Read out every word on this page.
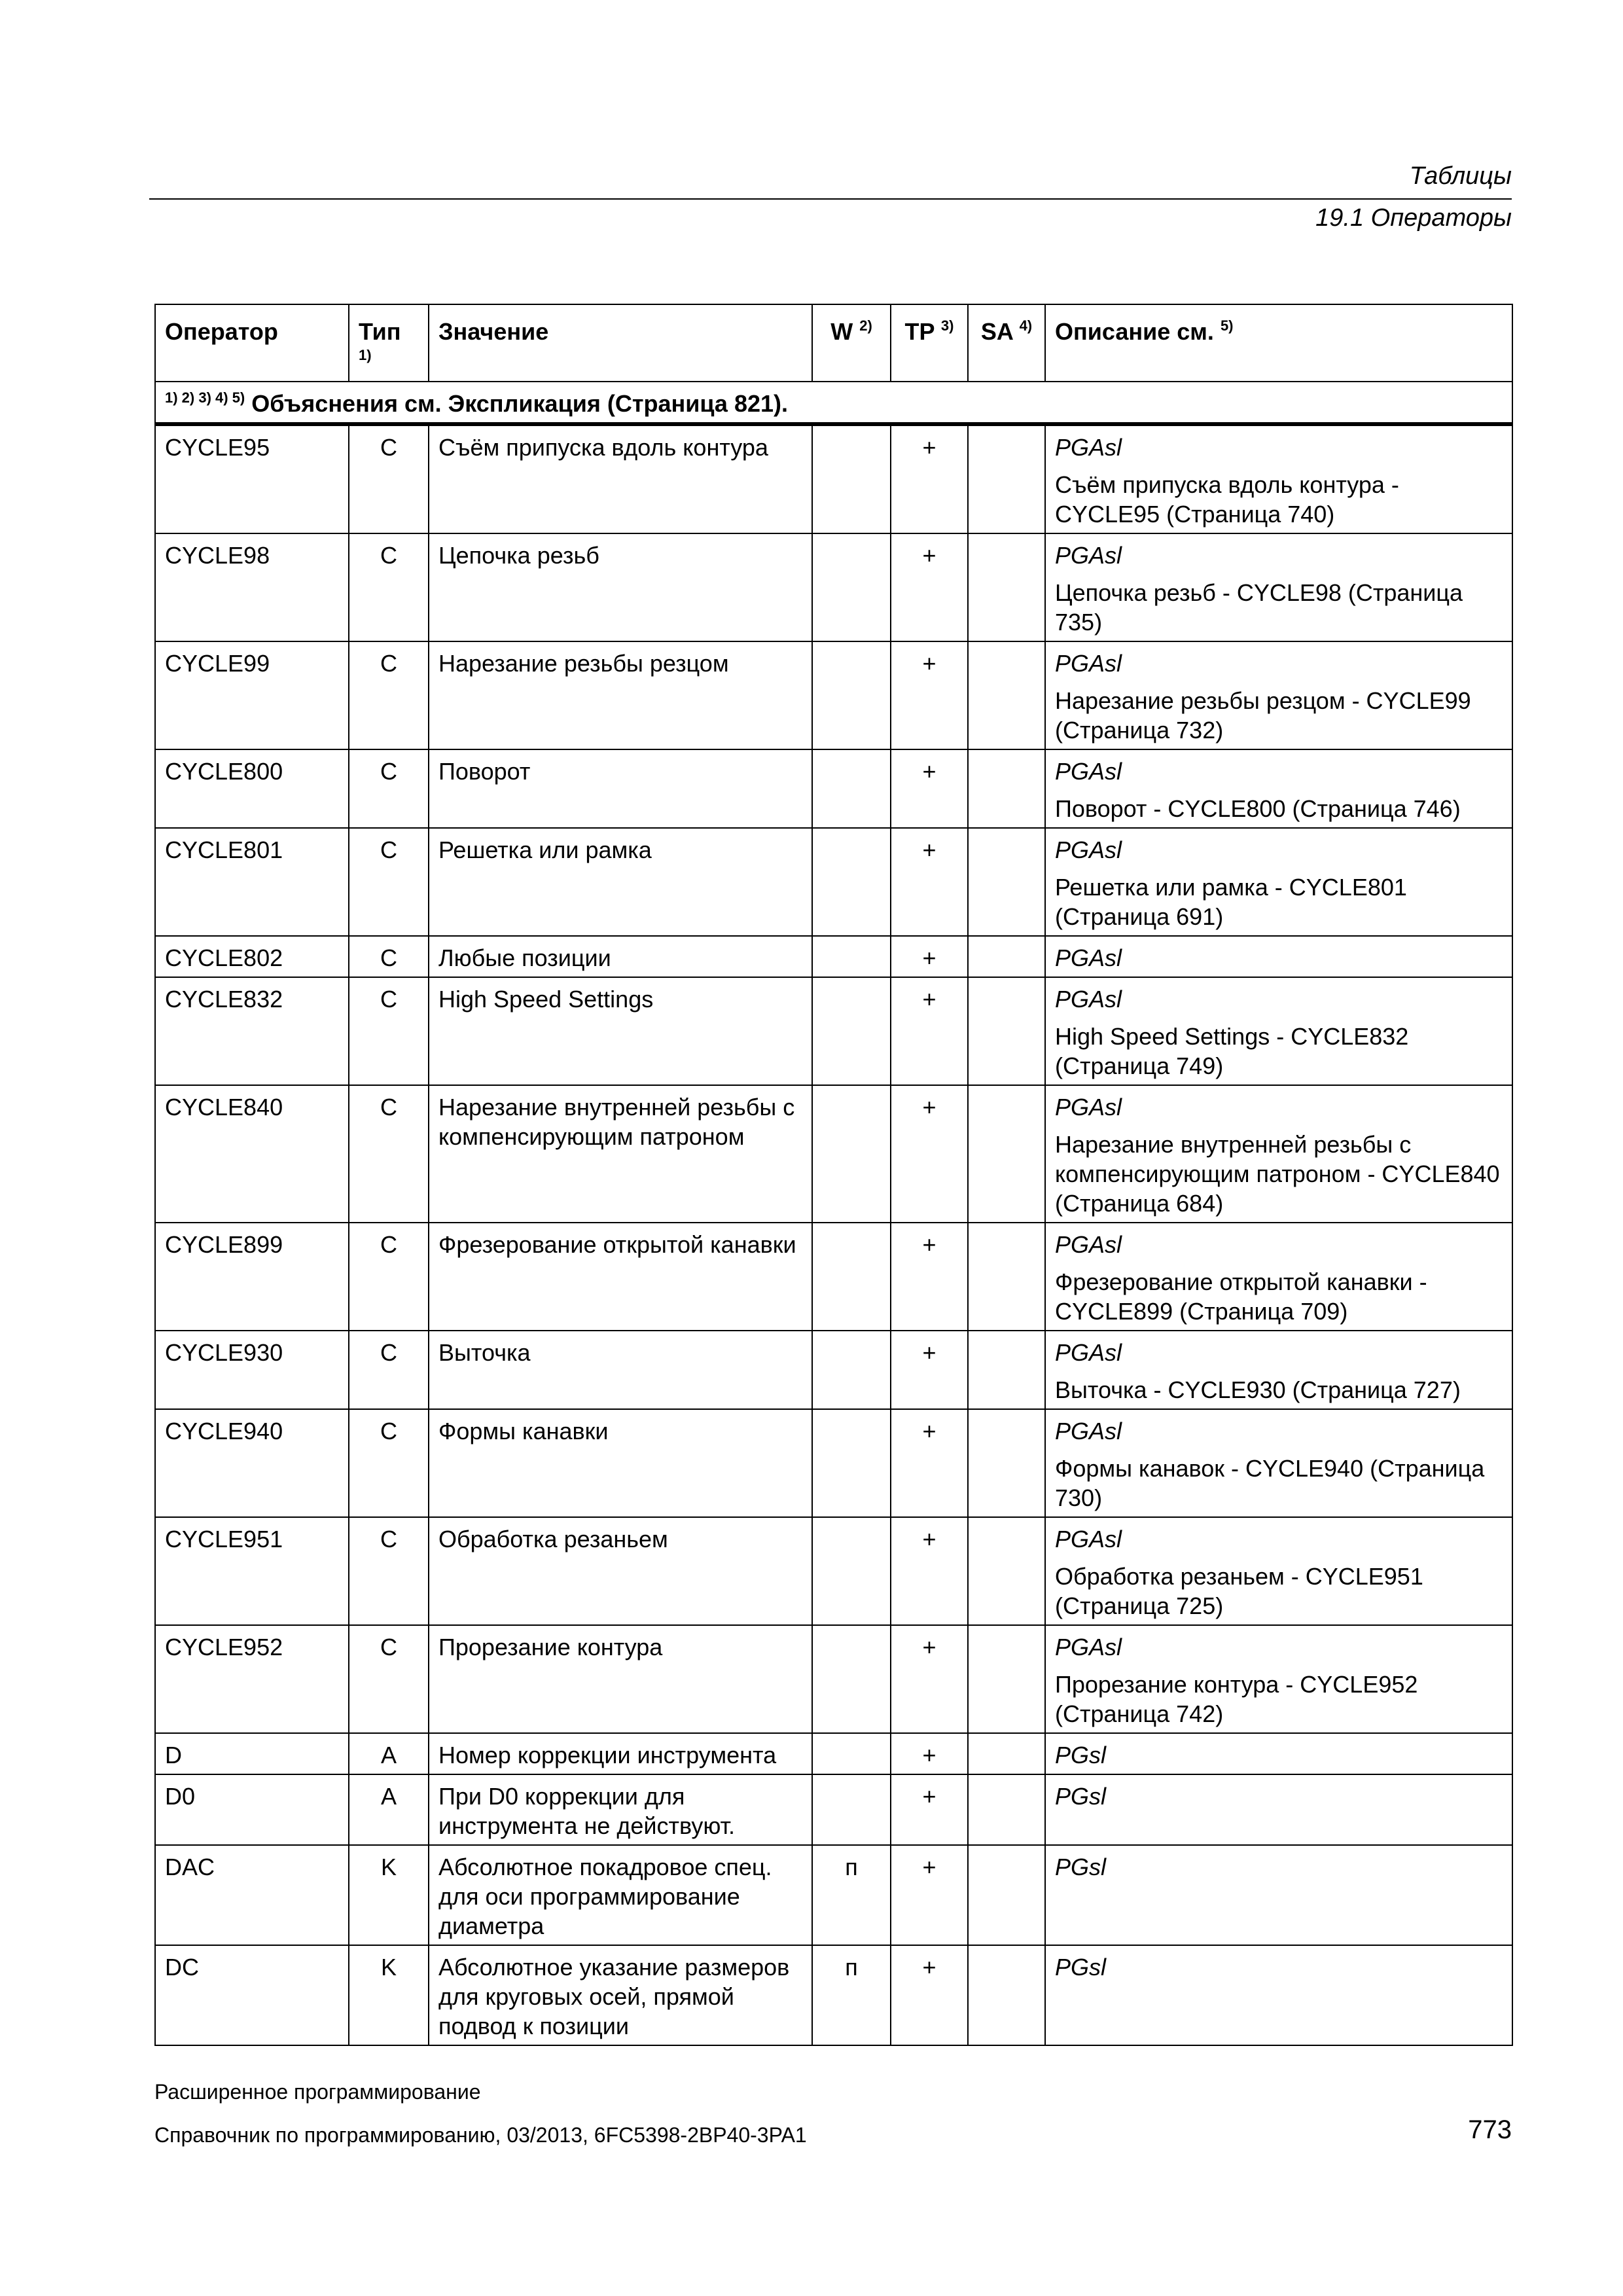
Таблицы
19.1 Операторы
Оператор	Тип $^{1)}$	Значение	W $^{2)}$	TP $^{3)}$	SA $^{4)}$	Описание см. $^{5)}$
$^{1) 2) 3) 4) 5)}$ Объяснения см. Экспликация (Страница 821).						
CYCLE95	C	Съём припуска вдоль контура		+		PGAsl
Съём припуска вдоль контура - CYCLE95 (Страница 740)

CYCLE98	C	Цепочка резьб		+		PGAsl
Цепочка резьб - CYCLE98 (Страница 735)

CYCLE99	C	Нарезание резьбы резцом		+		PGAsl
Нарезание резьбы резцом - CYCLE99 (Страница 732)

CYCLE800	C	Поворот		+		PGAsl
Поворот - CYCLE800 (Страница 746)

CYCLE801	C	Решетка или рамка		+		PGAsl
Решетка или рамка - CYCLE801 (Страница 691)

CYCLE802	C	Любые позиции		+		PGAsl

CYCLE832	C	High Speed Settings		+		PGAsl
High Speed Settings - CYCLE832 (Страница 749)

CYCLE840	C	Нарезание внутренней резьбы с компенсирующим патроном		+		PGAsl
Нарезание внутренней резьбы с компенсирующим патроном - CYCLE840 (Страница 684)

CYCLE899	C	Фрезерование открытой канавки		+		PGAsl
Фрезерование открытой канавки - CYCLE899 (Страница 709)

CYCLE930	C	Выточка		+		PGAsl
Выточка - CYCLE930 (Страница 727)

CYCLE940	C	Формы канавки		+		PGAsl
Формы канавок - CYCLE940 (Страница 730)

CYCLE951	C	Обработка резаньем		+		PGAsl
Обработка резаньем - CYCLE951 (Страница 725)

CYCLE952	C	Прорезание контура		+		PGAsl
Прорезание контура - CYCLE952 (Страница 742)

D	A	Номер коррекции инструмента		+		PGsl

D0	A	При D0 коррекции для инструмента не действуют.		+		PGsl

DAC	K	Абсолютное покадровое спец. для оси программирование диаметра	п	+		PGsl

DC	K	Абсолютное указание размеров для круговых осей, прямой подвод к позиции	п	+		PGsl
Расширенное программирование
Справочник по программированию, 03/2013, 6FC5398-2BP40-3PA1	773
